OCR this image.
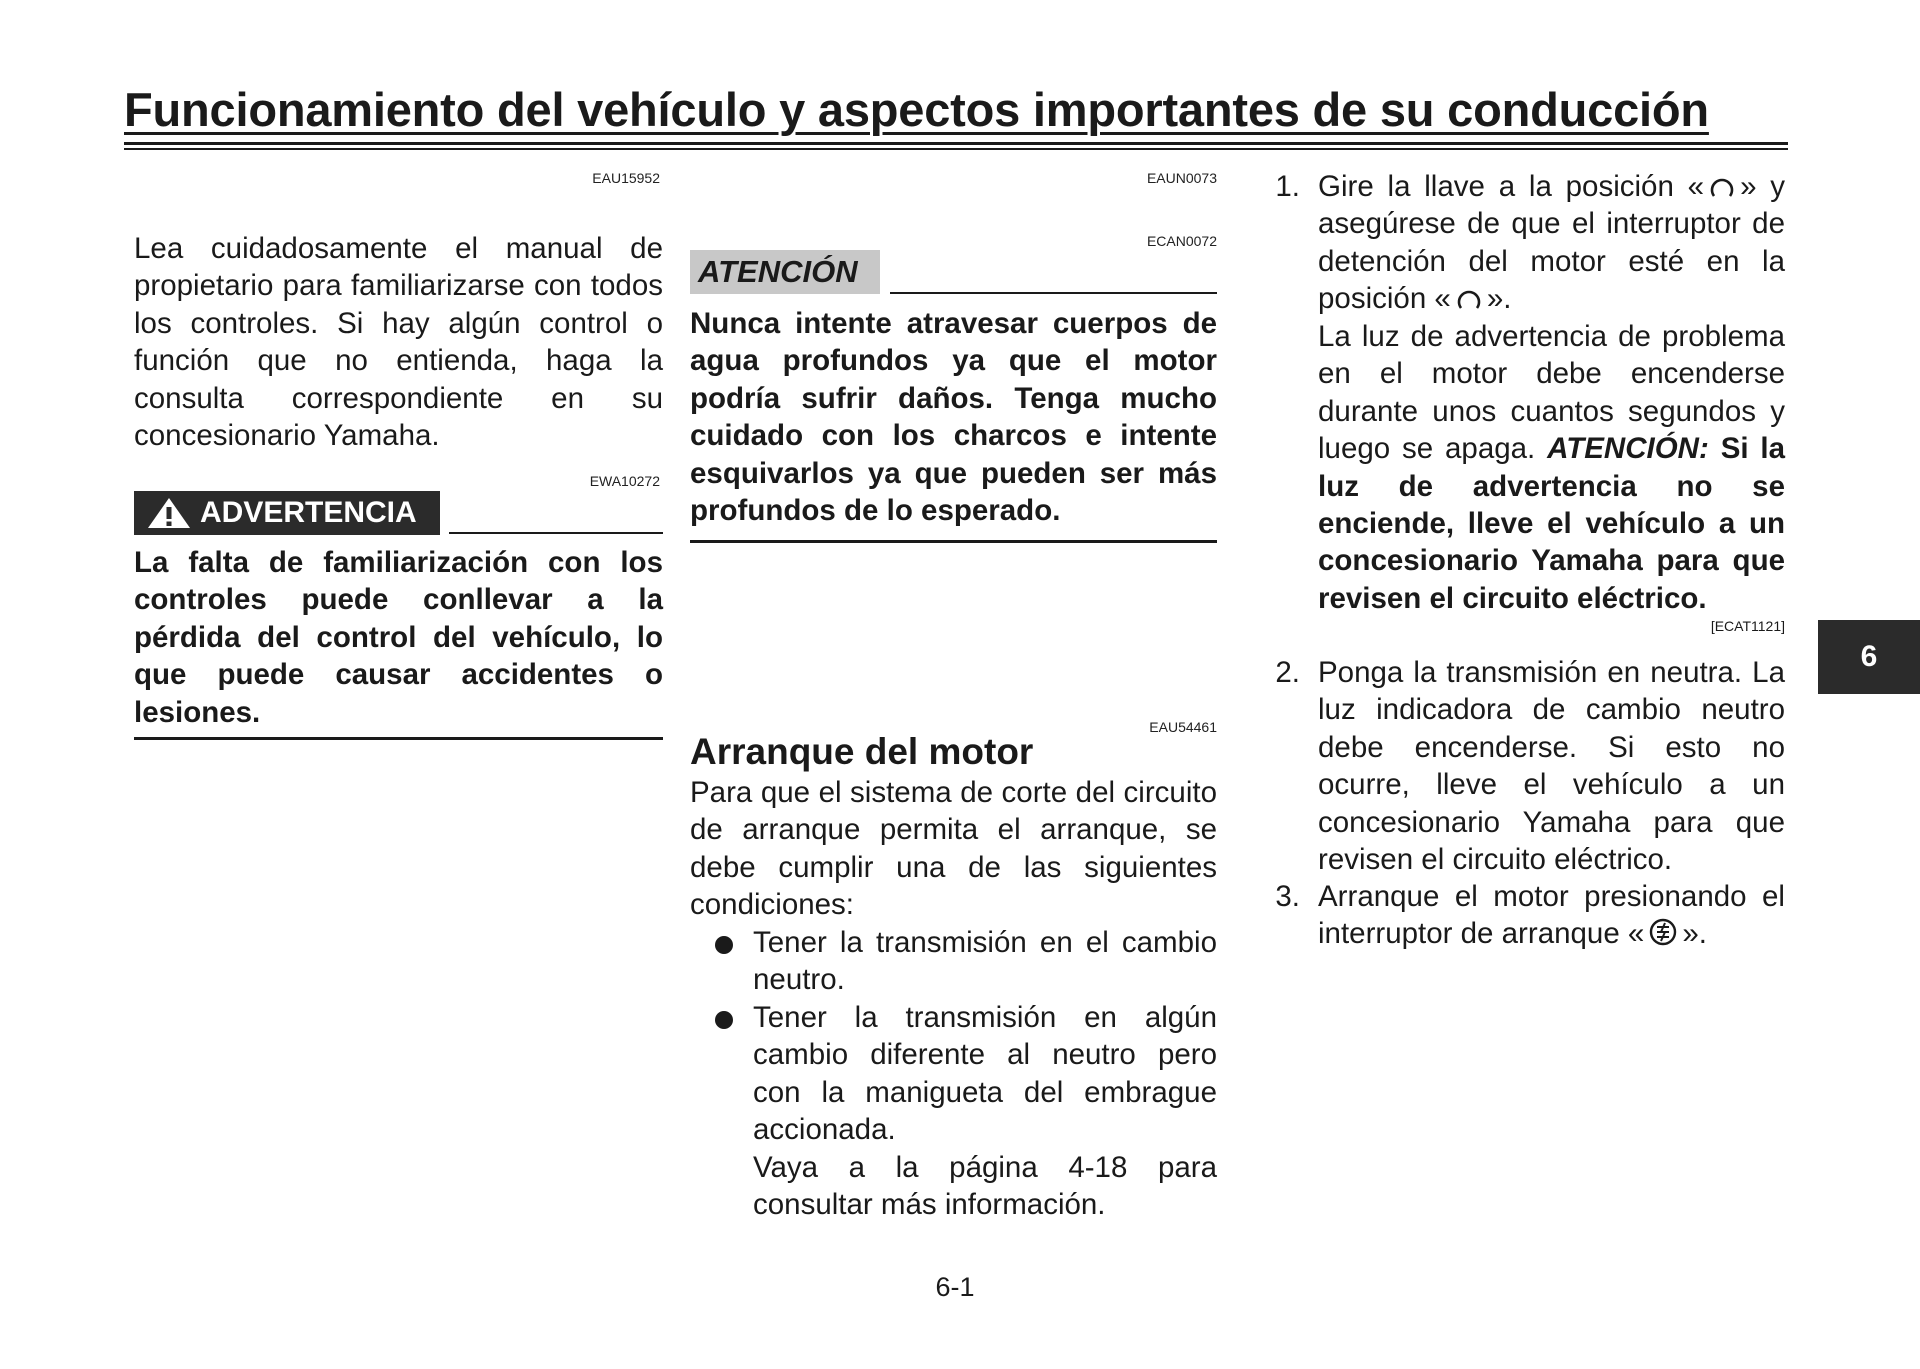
Funcionamiento del vehículo y aspectos importantes de su conducción
EAU15952
Lea cuidadosamente el manual de propietario para familiarizarse con todos los controles. Si hay algún control o función que no entienda, haga la consulta correspondiente en su concesionario Yamaha.
EWA10272
ADVERTENCIA
La falta de familiarización con los controles puede conllevar a la pérdida del control del vehículo, lo que puede causar accidentes o lesiones.
EAUN0073
ECAN0072
ATENCIÓN
Nunca intente atravesar cuerpos de agua profundos ya que el motor podría sufrir daños. Tenga mucho cuidado con los charcos e intente esquivarlos ya que pueden ser más profundos de lo esperado.
EAU54461
Arranque del motor
Para que el sistema de corte del circuito de arranque permita el arranque, se debe cumplir una de las siguientes condiciones:
Tener la transmisión en el cambio neutro.
Tener la transmisión en algún cambio diferente al neutro pero con la manigueta del embrague accionada.
Vaya a la página 4-18 para consultar más información.
1. Gire la llave a la posición « » y asegúrese de que el interruptor de detención del motor esté en la posición « ».
La luz de advertencia de problema en el motor debe encenderse durante unos cuantos segundos y luego se apaga. ATENCIÓN: Si la luz de advertencia no se enciende, lleve el vehículo a un concesionario Yamaha para que revisen el circuito eléctrico.
[ECAT1121]
2. Ponga la transmisión en neutra. La luz indicadora de cambio neutro debe encenderse. Si esto no ocurre, lleve el vehículo a un concesionario Yamaha para que revisen el circuito eléctrico.
3. Arranque el motor presionando el interruptor de arranque « ».
6
6-1
